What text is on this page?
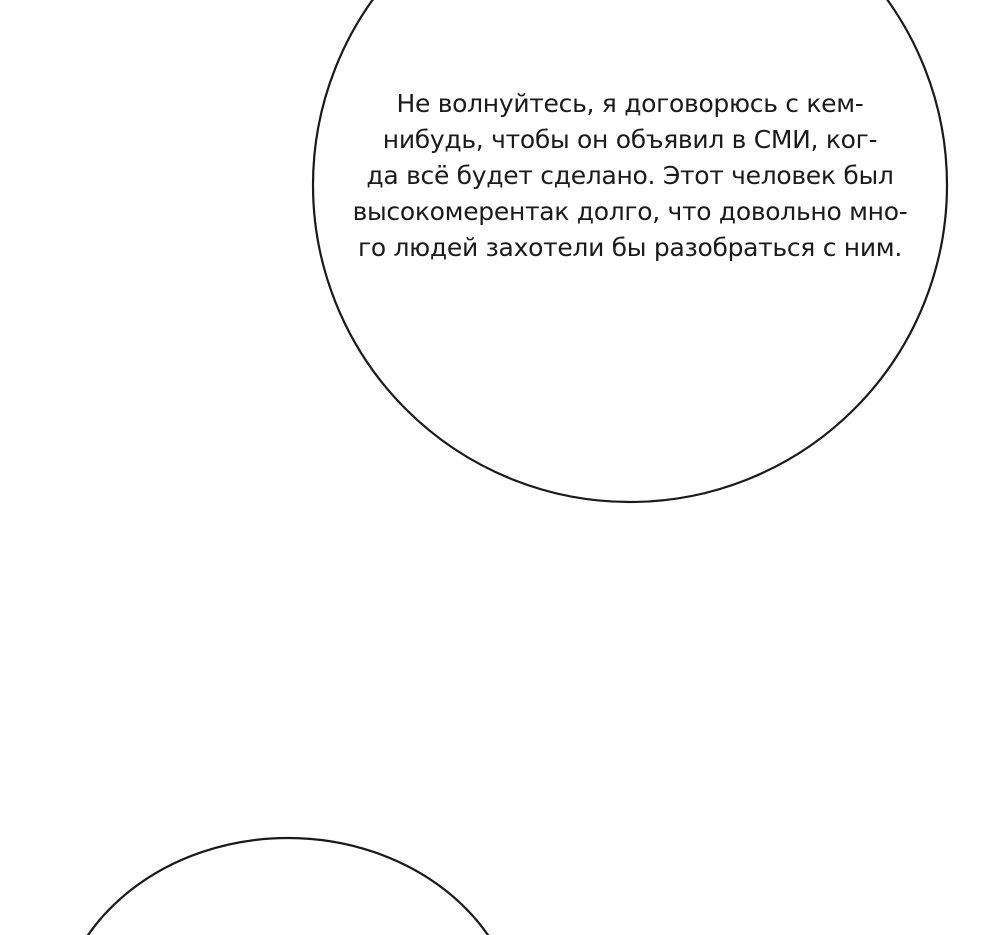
Не волнуйтесь, я договорюсь с кем-
нибудь, чтобы он объявил в СМИ, ког-
да всё будет сделано. Этот человек был
высокомерентак долго, что довольно мно-
го людей захотели бы разобраться с ним.
